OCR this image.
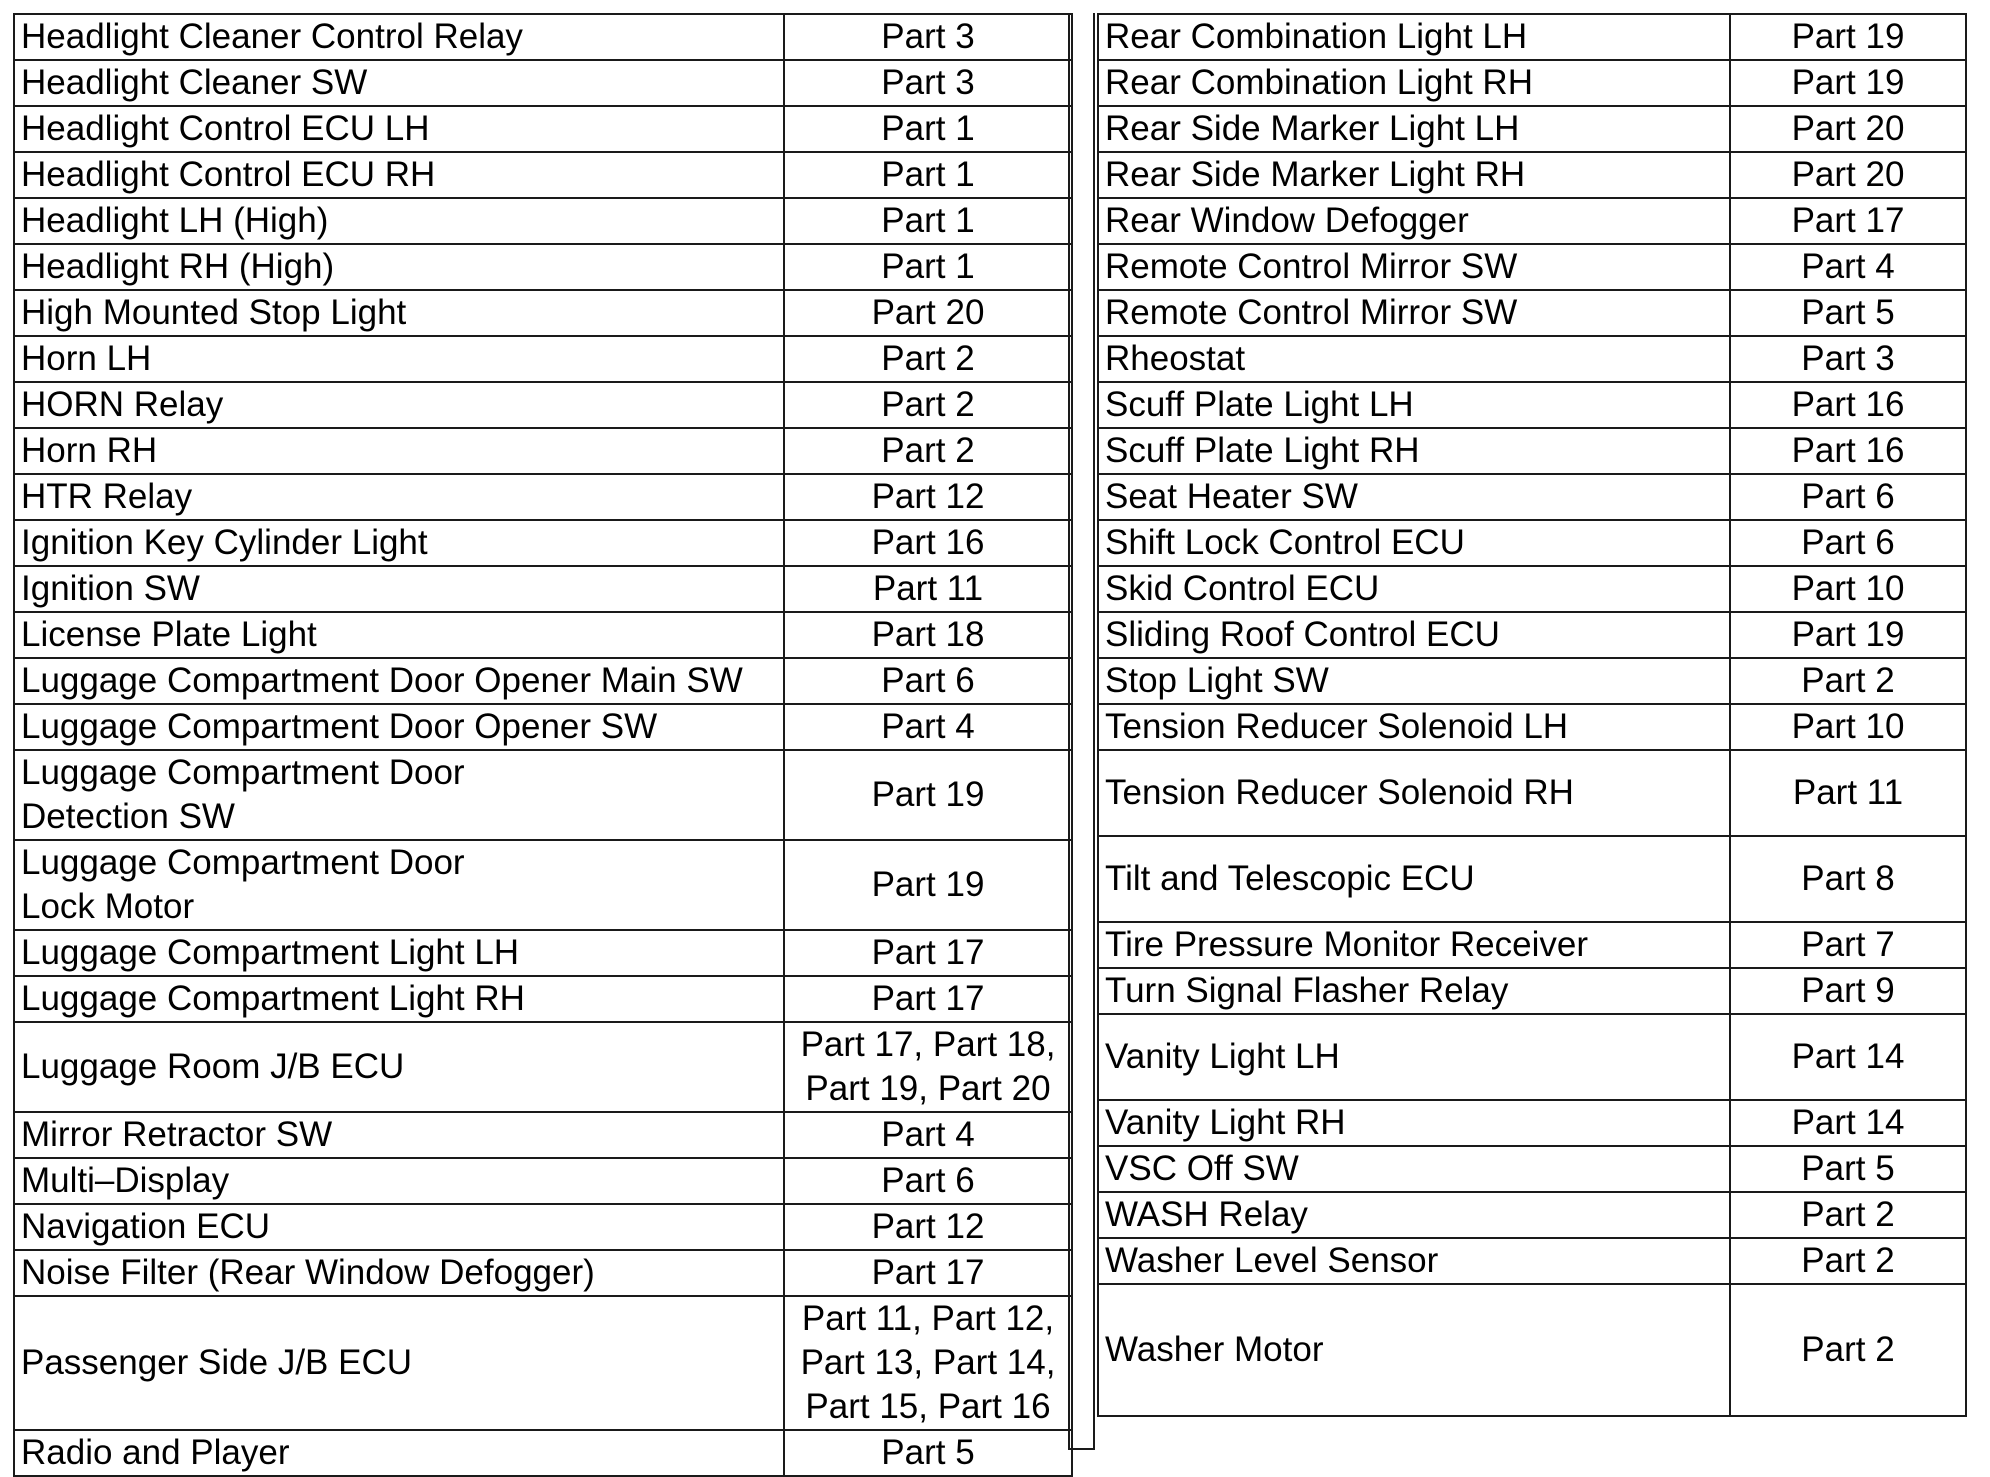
Headlight Cleaner Control Relay	Part 3
Headlight Cleaner SW	Part 3
Headlight Control ECU LH	Part 1
Headlight Control ECU RH	Part 1
Headlight LH (High)	Part 1
Headlight RH (High)	Part 1
High Mounted Stop Light	Part 20
Horn LH	Part 2
HORN Relay	Part 2
Horn RH	Part 2
HTR Relay	Part 12
Ignition Key Cylinder Light	Part 16
Ignition SW	Part 11
License Plate Light	Part 18
Luggage Compartment Door Opener Main SW	Part 6
Luggage Compartment Door Opener SW	Part 4
Luggage Compartment Door
Detection SW	Part 19
Luggage Compartment Door
Lock Motor	Part 19
Luggage Compartment Light LH	Part 17
Luggage Compartment Light RH	Part 17
Luggage Room J/B ECU	Part 17, Part 18,
Part 19, Part 20
Mirror Retractor SW	Part 4
Multi–Display	Part 6
Navigation ECU	Part 12
Noise Filter (Rear Window Defogger)	Part 17
Passenger Side J/B ECU	Part 11, Part 12,
Part 13, Part 14,
Part 15, Part 16
Radio and Player	Part 5
Rear Combination Light LH	Part 19
Rear Combination Light RH	Part 19
Rear Side Marker Light LH	Part 20
Rear Side Marker Light RH	Part 20
Rear Window Defogger	Part 17
Remote Control Mirror SW	Part 4
Remote Control Mirror SW	Part 5
Rheostat	Part 3
Scuff Plate Light LH	Part 16
Scuff Plate Light RH	Part 16
Seat Heater SW	Part 6
Shift Lock Control ECU	Part 6
Skid Control ECU	Part 10
Sliding Roof Control ECU	Part 19
Stop Light SW	Part 2
Tension Reducer Solenoid LH	Part 10
Tension Reducer Solenoid RH	Part 11
Tilt and Telescopic ECU	Part 8
Tire Pressure Monitor Receiver	Part 7
Turn Signal Flasher Relay	Part 9
Vanity Light LH	Part 14
Vanity Light RH	Part 14
VSC Off SW	Part 5
WASH Relay	Part 2
Washer Level Sensor	Part 2
Washer Motor	Part 2
